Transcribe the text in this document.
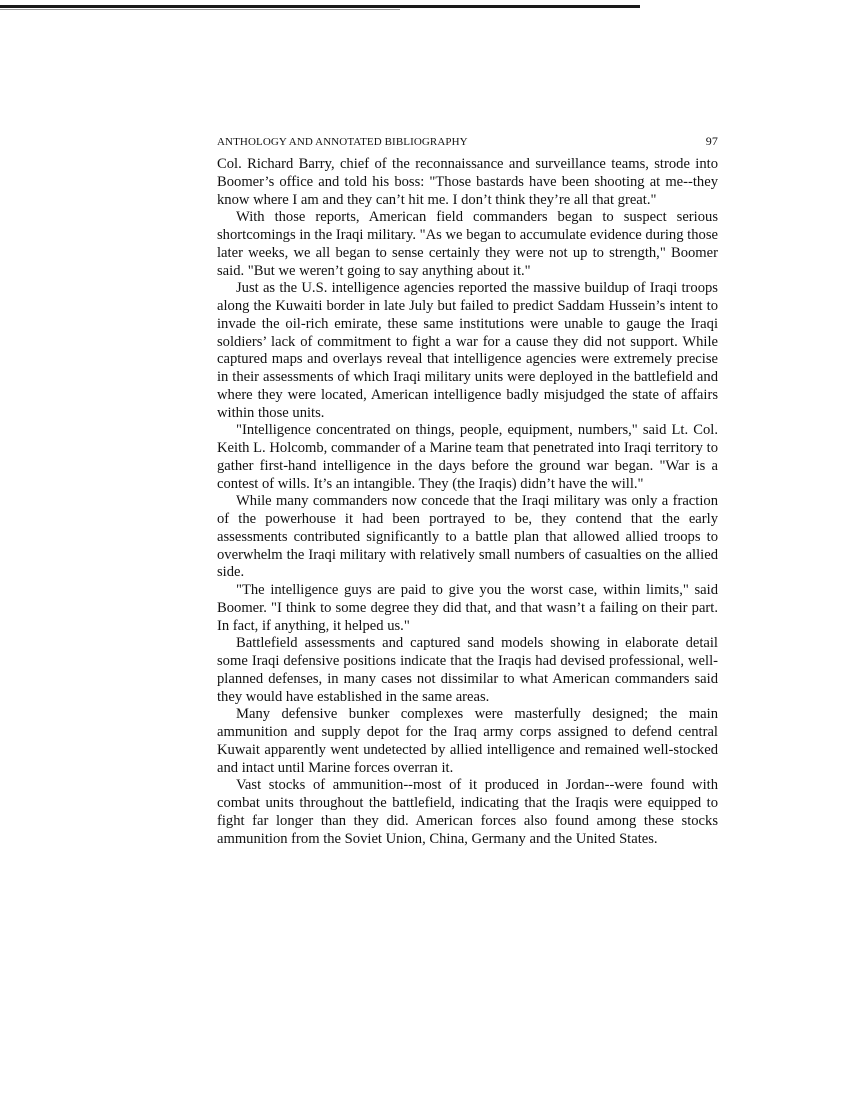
ANTHOLOGY AND ANNOTATED BIBLIOGRAPHY	97

Col. Richard Barry, chief of the reconnaissance and surveillance teams, strode into Boomer’s office and told his boss: "Those bastards have been shooting at me--they know where I am and they can’t hit me. I don’t think they’re all that great."

With those reports, American field commanders began to suspect serious shortcomings in the Iraqi military. "As we began to accumulate evidence during those later weeks, we all began to sense certainly they were not up to strength," Boomer said. "But we weren’t going to say anything about it."

Just as the U.S. intelligence agencies reported the massive buildup of Iraqi troops along the Kuwaiti border in late July but failed to predict Saddam Hussein’s intent to invade the oil-rich emirate, these same institutions were unable to gauge the Iraqi soldiers’ lack of commitment to fight a war for a cause they did not support. While captured maps and overlays reveal that intelligence agencies were extremely precise in their assessments of which Iraqi military units were deployed in the battlefield and where they were located, American intelligence badly misjudged the state of affairs within those units.

"Intelligence concentrated on things, people, equipment, numbers," said Lt. Col. Keith L. Holcomb, commander of a Marine team that penetrated into Iraqi territory to gather first-hand intelligence in the days before the ground war began. "War is a contest of wills. It’s an intangible. They (the Iraqis) didn’t have the will."

While many commanders now concede that the Iraqi military was only a fraction of the powerhouse it had been portrayed to be, they contend that the early assessments contributed significantly to a battle plan that allowed allied troops to overwhelm the Iraqi military with relatively small numbers of casualties on the allied side.

"The intelligence guys are paid to give you the worst case, within limits," said Boomer. "I think to some degree they did that, and that wasn’t a failing on their part. In fact, if anything, it helped us."

Battlefield assessments and captured sand models showing in elaborate detail some Iraqi defensive positions indicate that the Iraqis had devised professional, well-planned defenses, in many cases not dissimilar to what American commanders said they would have established in the same areas.

Many defensive bunker complexes were masterfully designed; the main ammunition and supply depot for the Iraq army corps assigned to defend central Kuwait apparently went undetected by allied intelligence and remained well-stocked and intact until Marine forces overran it.

Vast stocks of ammunition--most of it produced in Jordan--were found with combat units throughout the battlefield, indicating that the Iraqis were equipped to fight far longer than they did. American forces also found among these stocks ammunition from the Soviet Union, China, Germany and the United States.
